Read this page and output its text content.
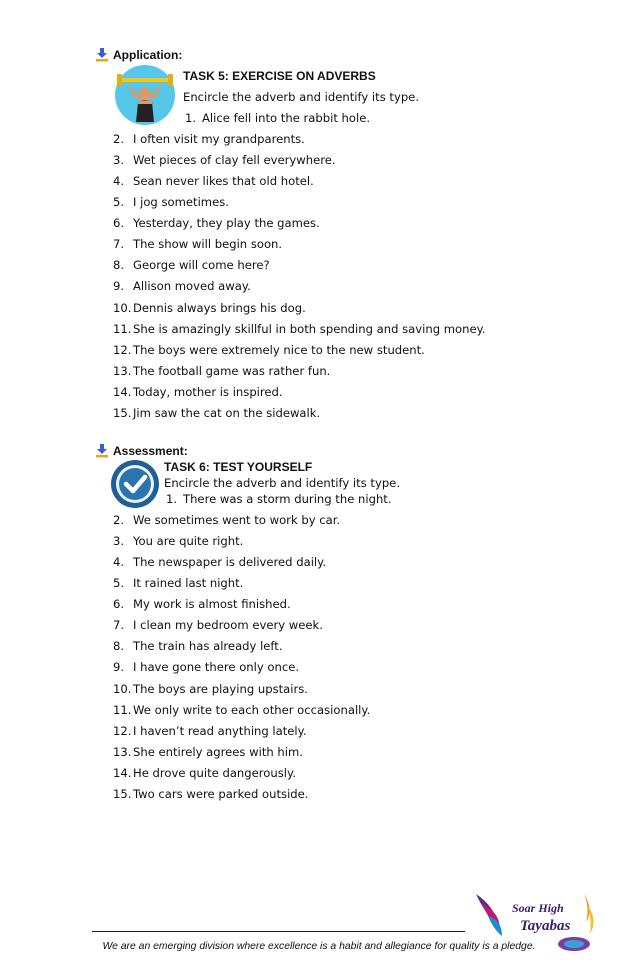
Application:
TASK 5: EXERCISE ON ADVERBS
Encircle the adverb and identify its type.
1. Alice fell into the rabbit hole.
2. I often visit my grandparents.
3. Wet pieces of clay fell everywhere.
4. Sean never likes that old hotel.
5. I jog sometimes.
6. Yesterday, they play the games.
7. The show will begin soon.
8. George will come here?
9. Allison moved away.
10. Dennis always brings his dog.
11. She is amazingly skillful in both spending and saving money.
12. The boys were extremely nice to the new student.
13. The football game was rather fun.
14. Today, mother is inspired.
15. Jim saw the cat on the sidewalk.
Assessment:
TASK 6: TEST YOURSELF
Encircle the adverb and identify its type.
1. There was a storm during the night.
2. We sometimes went to work by car.
3. You are quite right.
4. The newspaper is delivered daily.
5. It rained last night.
6. My work is almost finished.
7. I clean my bedroom every week.
8. The train has already left.
9. I have gone there only once.
10. The boys are playing upstairs.
11. We only write to each other occasionally.
12. I haven’t read anything lately.
13. She entirely agrees with him.
14. He drove quite dangerously.
15. Two cars were parked outside.
Soar High
Tayabas
We are an emerging division where excellence is a habit and allegiance for quality is a pledge.
